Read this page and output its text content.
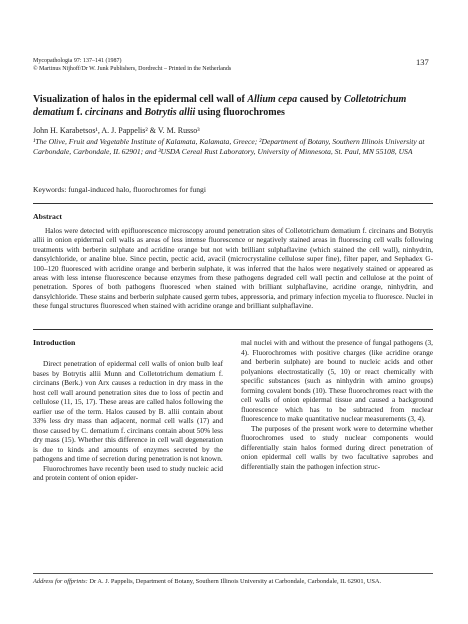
Mycopathologia 97: 137–141 (1987)
© Martinus Nijhoff/Dr W. Junk Publishers, Dordrecht – Printed in the Netherlands
137
Visualization of halos in the epidermal cell wall of Allium cepa caused by Colletotrichum dematium f. circinans and Botrytis allii using fluorochromes
John H. Karabetsos¹, A. J. Pappelis² & V. M. Russo³
¹The Olive, Fruit and Vegetable Institute of Kalamata, Kalamata, Greece; ²Department of Botany, Southern Illinois University at Carbondale, Carbondale, IL 62901; and ³USDA Cereal Rust Laboratory, University of Minnesota, St. Paul, MN 55108, USA
Keywords: fungal-induced halo, fluorochromes for fungi
Abstract
Halos were detected with epifluorescence microscopy around penetration sites of Colletotrichum dematium f. circinans and Botrytis allii in onion epidermal cell walls as areas of less intense fluorescence or negatively stained areas in fluorescing cell walls following treatments with berberin sulphate and acridine orange but not with brilliant sulphaflavine (which stained the cell wall), ninhydrin, dansylchloride, or analine blue. Since pectin, pectic acid, avacil (microcrystaline cellulose super fine), filter paper, and Sephadex G-100–120 fluoresced with acridine orange and berberin sulphate, it was inferred that the halos were negatively stained or appeared as areas with less intense fluorescence because enzymes from these pathogens degraded cell wall pectin and cellulose at the point of penetration. Spores of both pathogens fluoresced when stained with brilliant sulphaflavine, acridine orange, ninhydrin, and dansylchloride. These stains and berberin sulphate caused germ tubes, appressoria, and primary infection mycelia to fluoresce. Nuclei in these fungal structures fluoresced when stained with acridine orange and brilliant sulphaflavine.
Introduction

Direct penetration of epidermal cell walls of onion bulb leaf bases by Botrytis allii Munn and Colletotrichum dematium f. circinans (Berk.) von Arx causes a reduction in dry mass in the host cell wall around penetration sites due to loss of pectin and cellulose (11, 15, 17). These areas are called halos following the earlier use of the term. Halos caused by B. allii contain about 33% less dry mass than adjacent, normal cell walls (17) and those caused by C. dematium f. circinans contain about 50% less dry mass (15). Whether this difference in cell wall degeneration is due to kinds and amounts of enzymes secreted by the pathogens and time of secretion during penetration is not known.

Fluorochromes have recently been used to study nucleic acid and protein content of onion epider-

mal nuclei with and without the presence of fungal pathogens (3, 4). Fluorochromes with positive charges (like acridine orange and berberin sulphate) are bound to nucleic acids and other polyanions electrostatically (5, 10) or react chemically with specific substances (such as ninhydrin with amino groups) forming covalent bonds (10). These fluorochromes react with the cell walls of onion epidermal tissue and caused a background fluorescence which has to be subtracted from nuclear fluorescence to make quantitative nuclear measurements (3, 4).

The purposes of the present work were to determine whether fluorochromes used to study nuclear components would differentially stain halos formed during direct penetration of onion epidermal cell walls by two facultative saprobes and differentially stain the pathogen infection struc-

Address for offprints: Dr A. J. Pappelis, Department of Botany, Southern Illinois University at Carbondale, Carbondale, IL 62901, USA.
